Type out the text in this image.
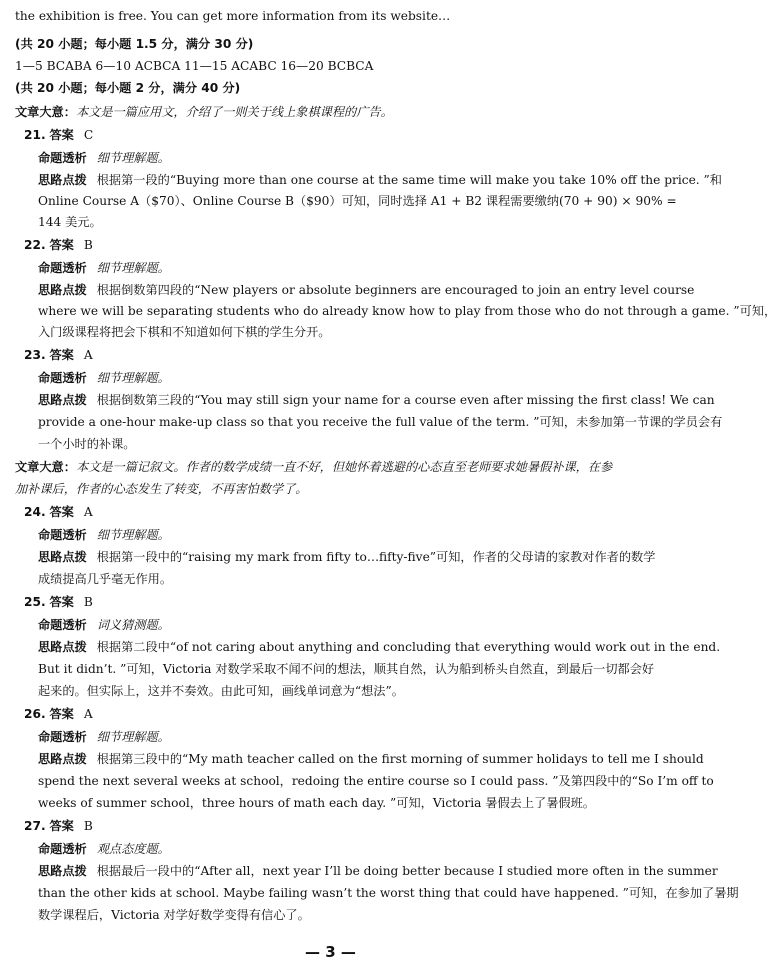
the exhibition is free. You can get more information from its website…
(共 20 小题；每小题 1.5 分，满分 30 分)
1—5 BCABA 6—10 ACBCA 11—15 ACABC 16—20 BCBCA
(共 20 小题；每小题 2 分，满分 40 分)
文章大意：本文是一篇应用文，介绍了一则关于线上象棋课程的广告。
21. 答案 C
命题透析 细节理解题。
思路点拨 根据第一段的“Buying more than one course at the same time will make you take 10% off the price. ”和
Online Course A（$70）、Online Course B（$90）可知，同时选择 A1 + B2 课程需要缴纳(70 + 90) × 90% =
144 美元。
22. 答案 B
命题透析 细节理解题。
思路点拨 根据倒数第四段的“New players or absolute beginners are encouraged to join an entry level course
where we will be separating students who do already know how to play from those who do not through a game. ”可知，
入门级课程将把会下棋和不知道如何下棋的学生分开。
23. 答案 A
命题透析 细节理解题。
思路点拨 根据倒数第三段的“You may still sign your name for a course even after missing the first class! We can
provide a one-hour make-up class so that you receive the full value of the term. ”可知，未参加第一节课的学员会有
一个小时的补课。
文章大意：本文是一篇记叙文。作者的数学成绩一直不好，但她怀着逃避的心态直至老师要求她暑假补课，在参
加补课后，作者的心态发生了转变，不再害怕数学了。
24. 答案 A
命题透析 细节理解题。
思路点拨 根据第一段中的“raising my mark from fifty to…fifty-five”可知，作者的父母请的家教对作者的数学
成绩提高几乎毫无作用。
25. 答案 B
命题透析 词义猜测题。
思路点拨 根据第二段中“of not caring about anything and concluding that everything would work out in the end.
But it didn’t. ”可知，Victoria 对数学采取不闻不问的想法，顺其自然，认为船到桥头自然直，到最后一切都会好
起来的。但实际上，这并不奏效。由此可知，画线单词意为“想法”。
26. 答案 A
命题透析 细节理解题。
思路点拨 根据第三段中的“My math teacher called on the first morning of summer holidays to tell me I should
spend the next several weeks at school，redoing the entire course so I could pass. ”及第四段中的“So I’m off to
weeks of summer school，three hours of math each day. ”可知，Victoria 暑假去上了暑假班。
27. 答案 B
命题透析 观点态度题。
思路点拨 根据最后一段中的“After all，next year I’ll be doing better because I studied more often in the summer
than the other kids at school. Maybe failing wasn’t the worst thing that could have happened. ”可知，在参加了暑期
数学课程后，Victoria 对学好数学变得有信心了。
— 3 —
